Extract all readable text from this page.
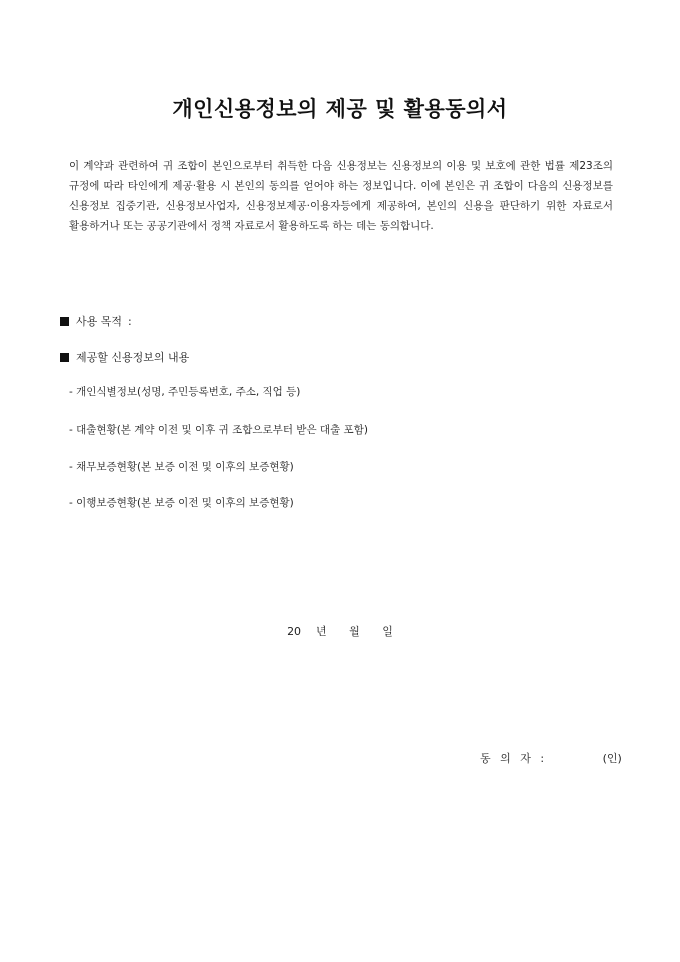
개인신용정보의 제공 및 활용동의서
이 계약과 관련하여 귀 조합이 본인으로부터 취득한 다음 신용정보는 신용정보의 이용 및 보호에 관한 법률 제23조의 규정에 따라 타인에게 제공·활용 시 본인의 동의를 얻어야 하는 정보입니다. 이에 본인은 귀 조합이 다음의 신용정보를 신용정보 집중기관, 신용정보사업자, 신용정보제공·이용자등에게 제공하여, 본인의 신용을 판단하기 위한 자료로서 활용하거나 또는 공공기관에서 정책 자료로서 활용하도록 하는 데는 동의합니다.
사용 목적 :
제공할 신용정보의 내용
- 개인식별정보(성명, 주민등록번호, 주소, 직업 등)
- 대출현황(본 계약 이전 및 이후 귀 조합으로부터 받은 대출 포함)
- 채무보증현황(본 보증 이전 및 이후의 보증현황)
- 이행보증현황(본 보증 이전 및 이후의 보증현황)
20  년   월   일
동 의 자 :	(인)
